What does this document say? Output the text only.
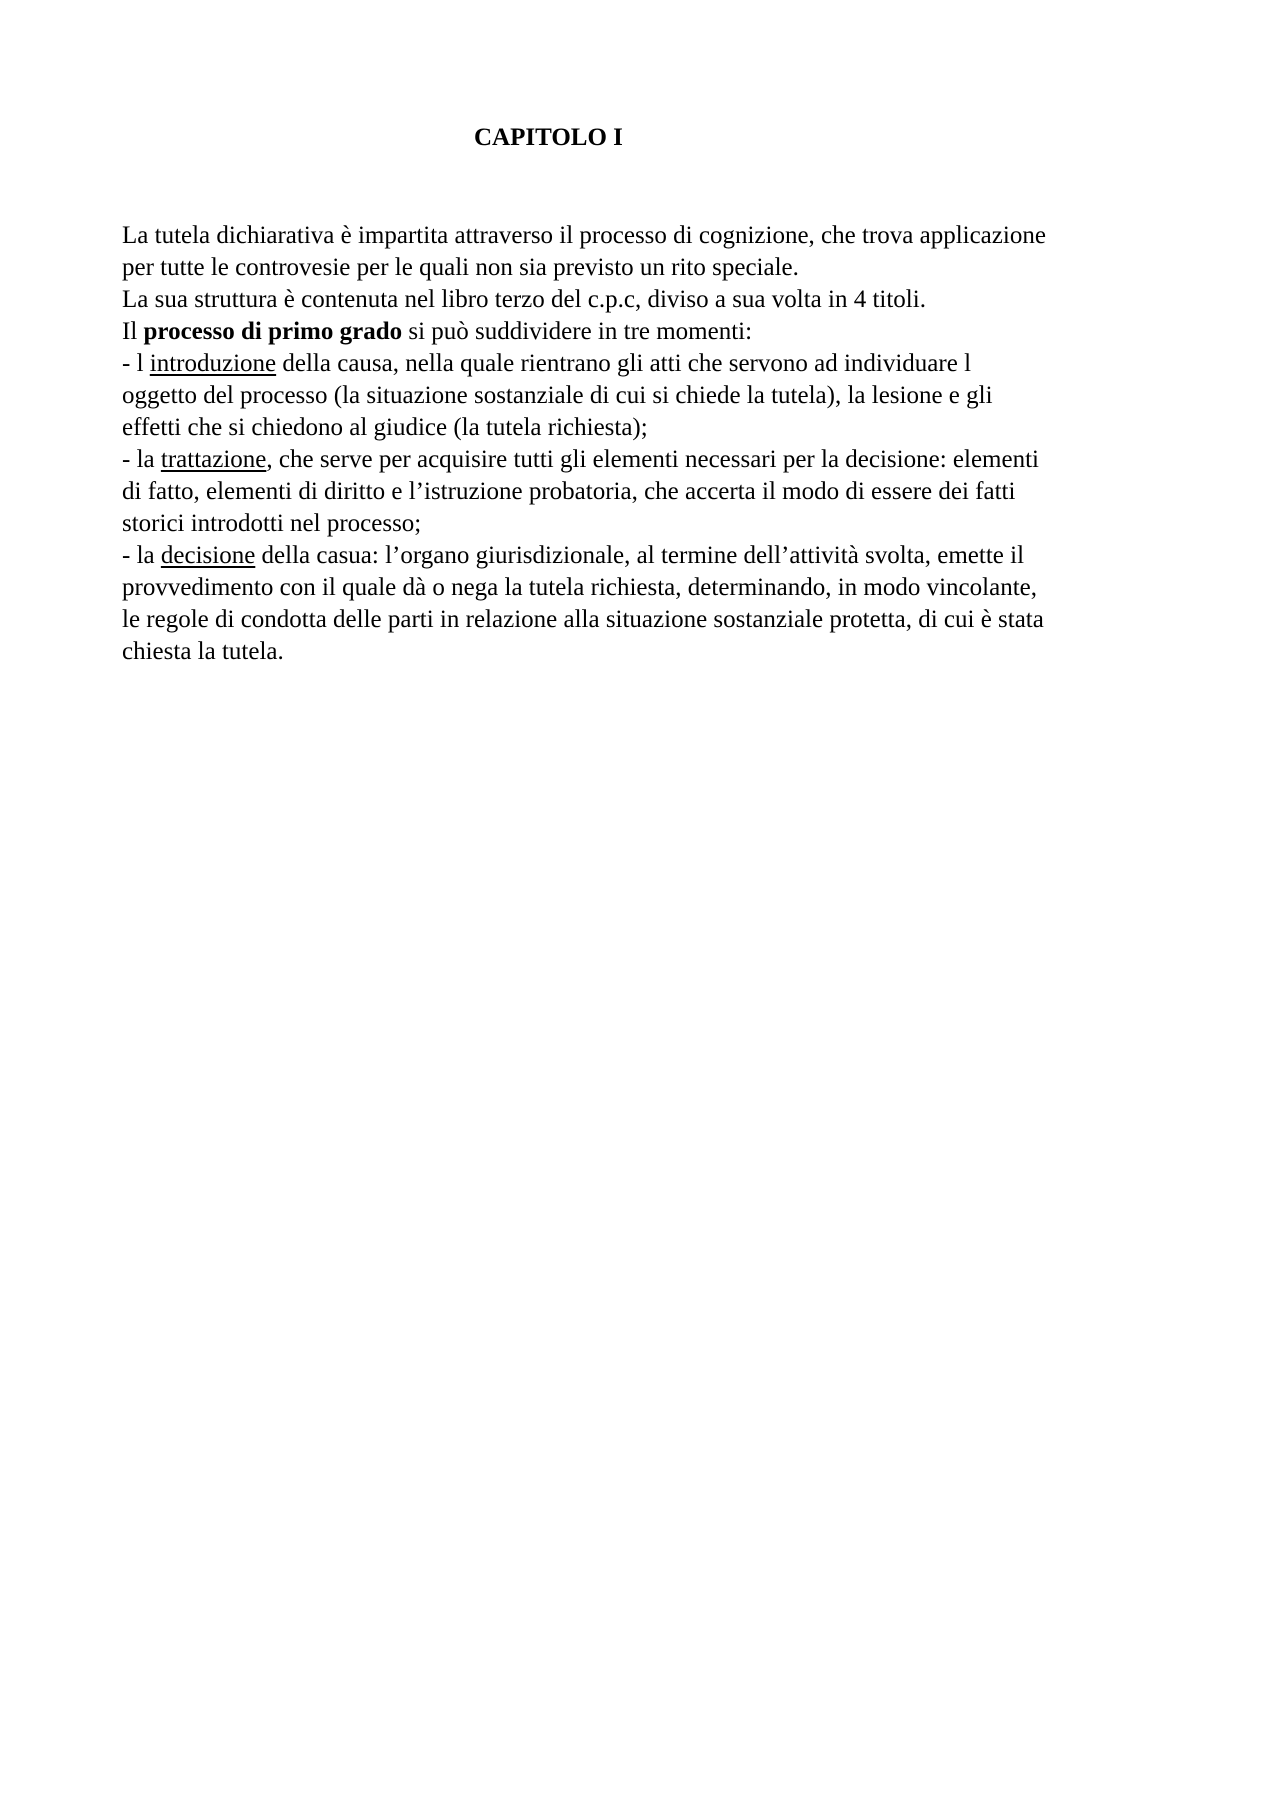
CAPITOLO I
La tutela dichiarativa è impartita attraverso il processo di cognizione, che trova applicazione
per tutte le controvesie per le quali non sia previsto un rito speciale.
La sua struttura è contenuta nel libro terzo del c.p.c, diviso a sua volta in 4 titoli.
Il processo di primo grado si può suddividere in tre momenti:
- l introduzione della causa, nella quale rientrano gli atti che servono ad individuare l
oggetto del processo (la situazione sostanziale di cui si chiede la tutela), la lesione e gli
effetti che si chiedono al giudice (la tutela richiesta);
- la trattazione, che serve per acquisire tutti gli elementi necessari per la decisione: elementi
di fatto, elementi di diritto e l’istruzione probatoria, che accerta il modo di essere dei fatti
storici introdotti nel processo;
- la decisione della casua: l’organo giurisdizionale, al termine dell’attività svolta, emette il
provvedimento con il quale dà o nega la tutela richiesta, determinando, in modo vincolante,
le regole di condotta delle parti in relazione alla situazione sostanziale protetta, di cui è stata
chiesta la tutela.
